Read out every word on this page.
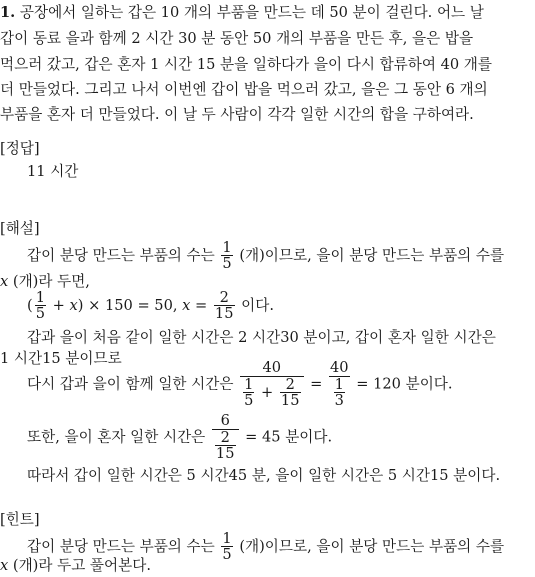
1. 공장에서 일하는 갑은 10 개의 부품을 만드는 데 50 분이 걸린다. 어느 날
갑이 동료 을과 함께 2 시간 30 분 동안 50 개의 부품을 만든 후, 을은 밥을
먹으러 갔고, 갑은 혼자 1 시간 15 분을 일하다가 을이 다시 합류하여 40 개를
더 만들었다. 그리고 나서 이번엔 갑이 밥을 먹으러 갔고, 을은 그 동안 6 개의
부품을 혼자 더 만들었다. 이 날 두 사람이 각각 일한 시간의 합을 구하여라.
[정답]
11 시간
[해설]
갑이 분당 만드는 부품의 수는 $\frac{1}{5}$ (개)이므로, 을이 분당 만드는 부품의 수를
x (개)라 두면,
( $\frac{1}{5} + x) \times 150 = 50$, $x = \frac{2}{15}$ 이다.
갑과 을이 처음 같이 일한 시간은 2 시간30 분이고, 갑이 혼자 일한 시간은
1 시간15 분이므로
다시 갑과 을이 함께 일한 시간은 $\frac{40}{\frac{1}{5} + \frac{2}{15}} = \frac{40}{\frac{1}{3}} = 120$ 분이다.
또한, 을이 혼자 일한 시간은 $\frac{6}{\frac{2}{15}} = 45$ 분이다.
따라서 갑이 일한 시간은 5 시간45 분, 을이 일한 시간은 5 시간15 분이다.
[힌트]
갑이 분당 만드는 부품의 수는 $\frac{1}{5}$ (개)이므로, 을이 분당 만드는 부품의 수를
x (개)라 두고 풀어본다.
